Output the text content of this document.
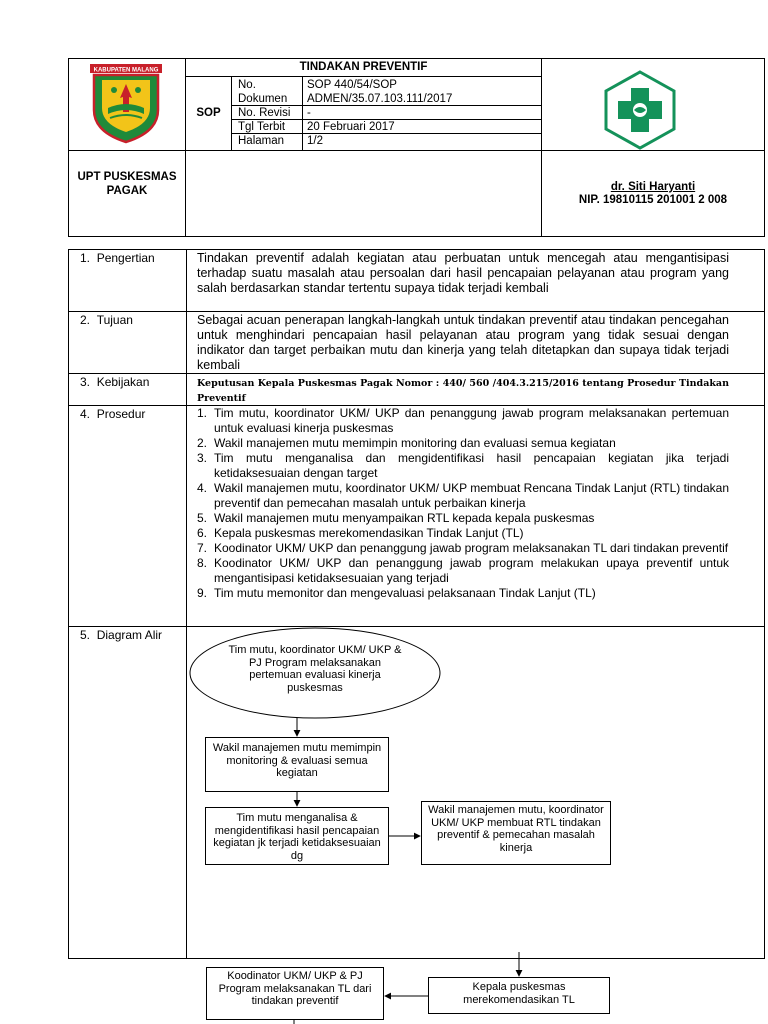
TINDAKAN PREVENTIF
SOP
No. Dokumen
SOP 440/54/SOP ADMEN/35.07.103.111/2017
No. Revisi -
Tgl Terbit 20 Februari 2017
Halaman 1/2
KABUPATEN MALANG
UPT PUSKESMAS PAGAK	dr. Siti Haryanti
NIP. 19810115 201001 2 008
1. Pengertian	Tindakan preventif adalah kegiatan atau perbuatan untuk mencegah atau mengantisipasi terhadap suatu masalah atau persoalan dari hasil pencapaian pelayanan atau program yang salah berdasarkan standar tertentu supaya tidak terjadi kembali
2. Tujuan	Sebagai acuan penerapan langkah-langkah untuk tindakan preventif atau tindakan pencegahan untuk menghindari pencapaian hasil pelayanan atau program yang tidak sesuai dengan indikator dan target perbaikan mutu dan kinerja yang telah ditetapkan dan supaya tidak terjadi kembali
3. Kebijakan	Keputusan Kepala Puskesmas Pagak Nomor : 440/ 560 /404.3.215/2016 tentang Prosedur Tindakan Preventif
4. Prosedur	1. Tim mutu, koordinator UKM/ UKP dan penanggung jawab program melaksanakan pertemuan untuk evaluasi kinerja puskesmas
2. Wakil manajemen mutu memimpin monitoring dan evaluasi semua kegiatan
3. Tim mutu menganalisa dan mengidentifikasi hasil pencapaian kegiatan jika terjadi ketidaksesuaian dengan target
4. Wakil manajemen mutu, koordinator UKM/ UKP membuat Rencana Tindak Lanjut (RTL) tindakan preventif dan pemecahan masalah untuk perbaikan kinerja
5. Wakil manajemen mutu menyampaikan RTL kepada kepala puskesmas
6. Kepala puskesmas merekomendasikan Tindak Lanjut (TL)
7. Koodinator UKM/ UKP dan penanggung jawab program melaksanakan TL dari tindakan preventif
8. Koodinator UKM/ UKP dan penanggung jawab program melakukan upaya preventif untuk mengantisipasi ketidaksesuaian yang terjadi
9. Tim mutu memonitor dan mengevaluasi pelaksanaan Tindak Lanjut (TL)
5. Diagram Alir
Tim mutu, koordinator UKM/ UKP & PJ Program melaksanakan pertemuan evaluasi kinerja puskesmas
Wakil manajemen mutu memimpin monitoring & evaluasi semua kegiatan
Tim mutu menganalisa & mengidentifikasi hasil pencapaian kegiatan jk terjadi ketidaksesuaian dg
Wakil manajemen mutu, koordinator UKM/ UKP membuat RTL tindakan preventif & pemecahan masalah kinerja
Kepala puskesmas merekomendasikan TL
Koodinator UKM/ UKP & PJ Program melaksanakan TL dari tindakan preventif
